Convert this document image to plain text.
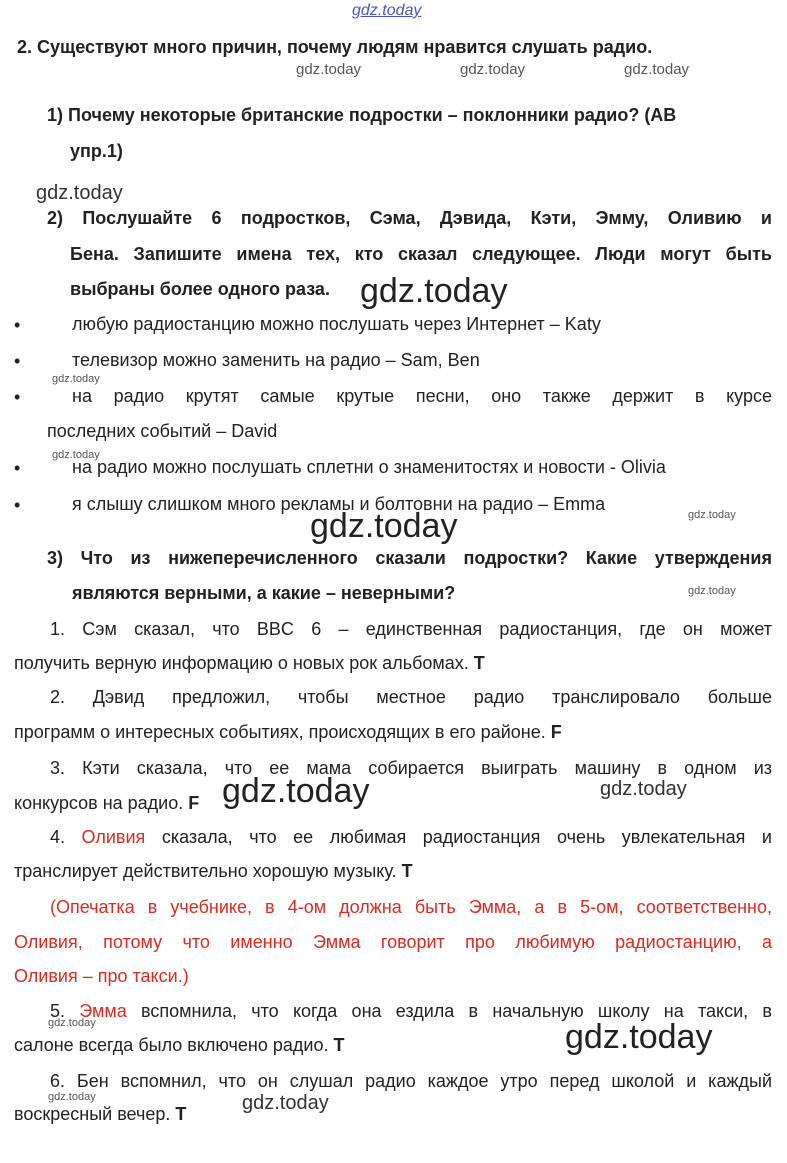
gdz.today
gdz.today	gdz.today	gdz.today
gdz.today
gdz.today
gdz.today
gdz.today
gdz.today
gdz.today
gdz.today
gdz.today	gdz.today
gdz.today	gdz.today
gdz.today	gdz.today
2. Существуют много причин, почему людям нравится слушать радио.
1) Почему некоторые британские подростки – поклонники радио? (AB
упр.1)
2) Послушайте 6 подростков, Сэма, Дэвида, Кэти, Эмму, Оливию и
Бена. Запишите имена тех, кто сказал следующее. Люди могут быть
выбраны более одного раза.
•	любую радиостанцию можно послушать через Интернет – Katy
•	телевизор можно заменить на радио – Sam, Ben
•	на радио крутят самые крутые песни, оно также держит в курсе
последних событий – David
•	на радио можно послушать сплетни о знаменитостях и новости - Olivia
•	я слышу слишком много рекламы и болтовни на радио – Emma
3) Что из нижеперечисленного сказали подростки? Какие утверждения
являются верными, а какие – неверными?
1. Сэм сказал, что BBC 6 – единственная радиостанция, где он может
получить верную информацию о новых рок альбомах. T
2. Дэвид предложил, чтобы местное радио транслировало больше
программ о интересных событиях, происходящих в его районе. F
3. Кэти сказала, что ее мама собирается выиграть машину в одном из
конкурсов на радио. F
4. Оливия сказала, что ее любимая радиостанция очень увлекательная и
транслирует действительно хорошую музыку. T
(Опечатка в учебнике, в 4-ом должна быть Эмма, а в 5-ом, соответственно,
Оливия, потому что именно Эмма говорит про любимую радиостанцию, а
Оливия – про такси.)
5. Эмма вспомнила, что когда она ездила в начальную школу на такси, в
салоне всегда было включено радио. T
6. Бен вспомнил, что он слушал радио каждое утро перед школой и каждый
воскресный вечер. T
